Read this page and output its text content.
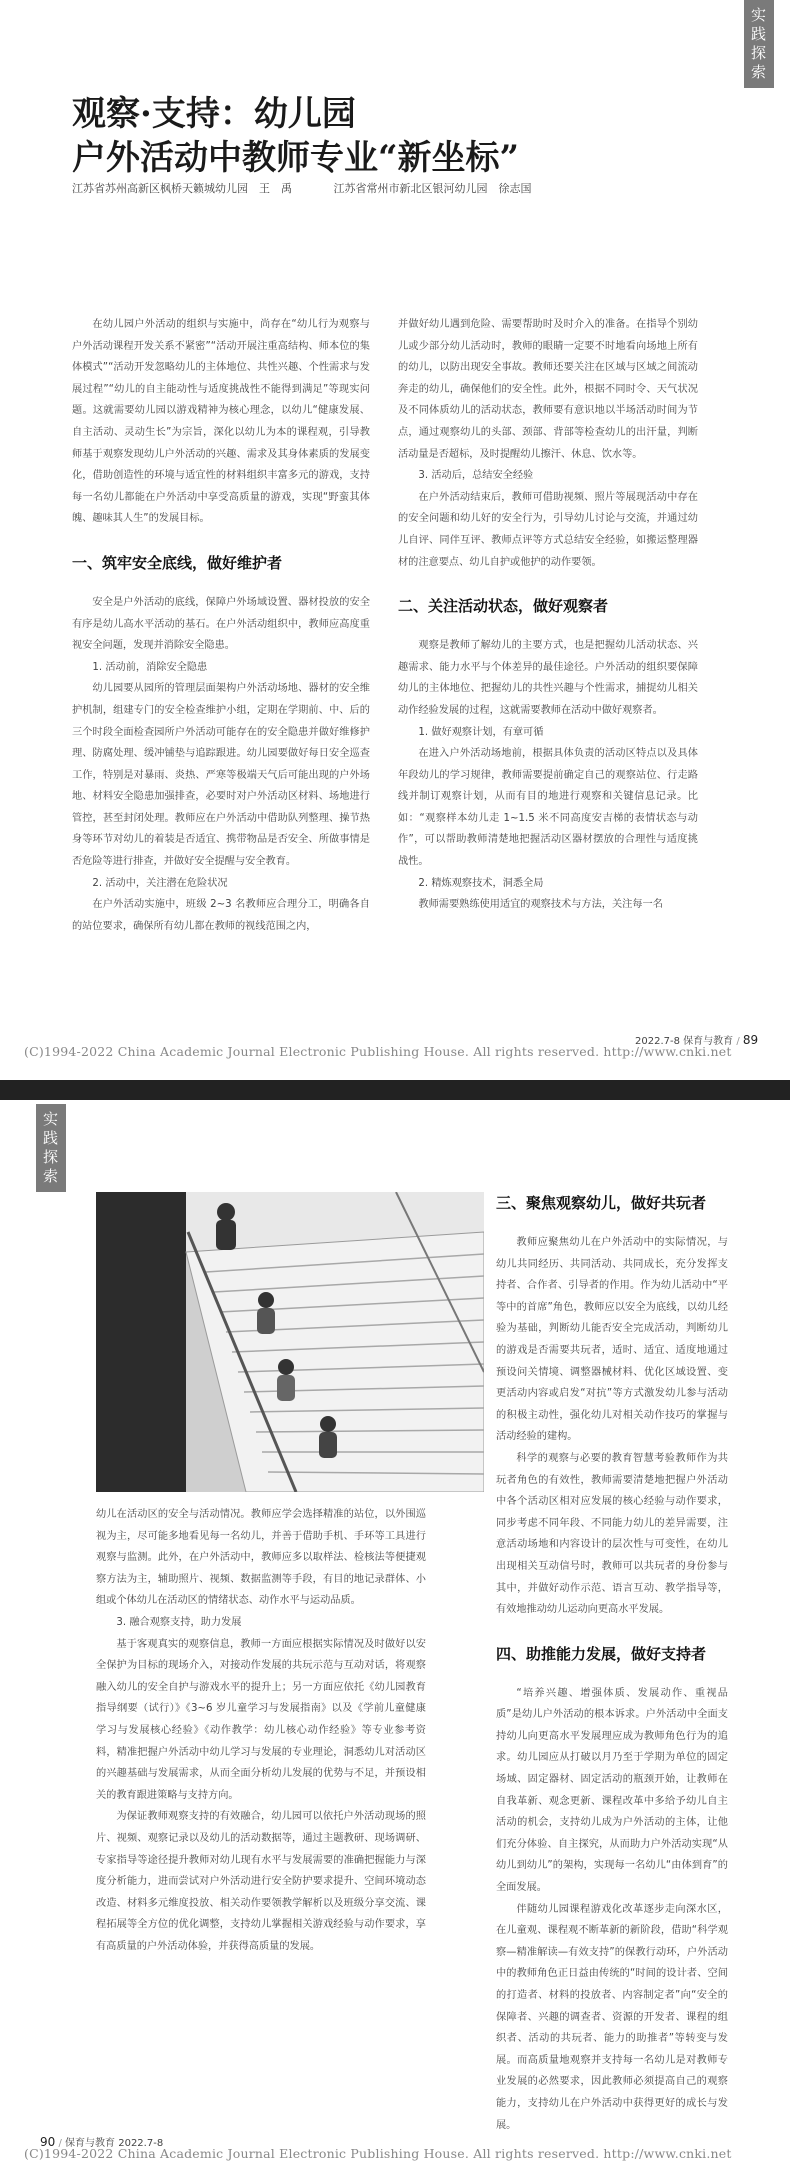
实践探索
观察·支持：幼儿园
户外活动中教师专业“新坐标”
江苏省苏州高新区枫桥天籁城幼儿园　王　禹	江苏省常州市新北区银河幼儿园　徐志国

在幼儿园户外活动的组织与实施中，尚存在“幼儿行为观察与户外活动课程开发关系不紧密”“活动开展注重高结构、师本位的集体模式”“活动开发忽略幼儿的主体地位、共性兴趣、个性需求与发展过程”“幼儿的自主能动性与适度挑战性不能得到满足”等现实问题。这就需要幼儿园以游戏精神为核心理念，以幼儿“健康发展、自主活动、灵动生长”为宗旨，深化以幼儿为本的课程观，引导教师基于观察发现幼儿户外活动的兴趣、需求及其身体素质的发展变化，借助创造性的环境与适宜性的材料组织丰富多元的游戏，支持每一名幼儿都能在户外活动中享受高质量的游戏，实现“野蛮其体魄、趣味其人生”的发展目标。

一、筑牢安全底线，做好维护者

安全是户外活动的底线，保障户外场域设置、器材投放的安全有序是幼儿高水平活动的基石。在户外活动组织中，教师应高度重视安全问题，发现并消除安全隐患。

1. 活动前，消除安全隐患

幼儿园要从园所的管理层面架构户外活动场地、器材的安全维护机制，组建专门的安全检查维护小组，定期在学期前、中、后的三个时段全面检查园所户外活动可能存在的安全隐患并做好维修护理、防腐处理、缓冲铺垫与追踪跟进。幼儿园要做好每日安全巡查工作，特别是对暴雨、炎热、严寒等极端天气后可能出现的户外场地、材料安全隐患加强排查，必要时对户外活动区材料、场地进行管控，甚至封闭处理。教师应在户外活动中借助队列整理、操节热身等环节对幼儿的着装是否适宜、携带物品是否安全、所做事情是否危险等进行排查，并做好安全提醒与安全教育。

2. 活动中，关注潜在危险状况

在户外活动实施中，班级 2~3 名教师应合理分工，明确各自的站位要求，确保所有幼儿都在教师的视线范围之内，

并做好幼儿遇到危险、需要帮助时及时介入的准备。在指导个别幼儿或少部分幼儿活动时，教师的眼睛一定要不时地看向场地上所有的幼儿，以防出现安全事故。教师还要关注在区域与区域之间流动奔走的幼儿，确保他们的安全性。此外，根据不同时令、天气状况及不同体质幼儿的活动状态，教师要有意识地以半场活动时间为节点，通过观察幼儿的头部、颈部、背部等检查幼儿的出汗量，判断活动量是否超标，及时提醒幼儿擦汗、休息、饮水等。

3. 活动后，总结安全经验

在户外活动结束后，教师可借助视频、照片等展现活动中存在的安全问题和幼儿好的安全行为，引导幼儿讨论与交流，并通过幼儿自评、同伴互评、教师点评等方式总结安全经验，如搬运整理器材的注意要点、幼儿自护或他护的动作要领。

二、关注活动状态，做好观察者

观察是教师了解幼儿的主要方式，也是把握幼儿活动状态、兴趣需求、能力水平与个体差异的最佳途径。户外活动的组织要保障幼儿的主体地位、把握幼儿的共性兴趣与个性需求，捕捉幼儿相关动作经验发展的过程，这就需要教师在活动中做好观察者。

1. 做好观察计划，有章可循

在进入户外活动场地前，根据具体负责的活动区特点以及具体年段幼儿的学习规律，教师需要提前确定自己的观察站位、行走路线并制订观察计划，从而有目的地进行观察和关键信息记录。比如：“观察样本幼儿走 1~1.5 米不同高度安吉梯的表情状态与动作”，可以帮助教师清楚地把握活动区器材摆放的合理性与适度挑战性。

2. 精炼观察技术，洞悉全局

教师需要熟练使用适宜的观察技术与方法，关注每一名

2022.7-8 保育与教育 / 89
(C)1994-2022 China Academic Journal Electronic Publishing House. All rights reserved. http://www.cnki.net
实践探索
三、聚焦观察幼儿，做好共玩者

教师应聚焦幼儿在户外活动中的实际情况，与幼儿共同经历、共同活动、共同成长，充分发挥支持者、合作者、引导者的作用。作为幼儿活动中“平等中的首席”角色，教师应以安全为底线，以幼儿经验为基础，判断幼儿能否安全完成活动，判断幼儿的游戏是否需要共玩者，适时、适宜、适度地通过预设问关情境、调整器械材料、优化区域设置、变更活动内容或启发“对抗”等方式激发幼儿参与活动的积极主动性，强化幼儿对相关动作技巧的掌握与活动经验的建构。

科学的观察与必要的教育智慧考验教师作为共玩者角色的有效性，教师需要清楚地把握户外活动中各个活动区相对应发展的核心经验与动作要求，同步考虑不同年段、不同能力幼儿的差异需要，注意活动场地和内容设计的层次性与可变性，在幼儿出现相关互动信号时，教师可以共玩者的身份参与其中，并做好动作示范、语言互动、教学指导等，有效地推动幼儿运动向更高水平发展。

四、助推能力发展，做好支持者

“培养兴趣、增强体质、发展动作、重视品质”是幼儿户外活动的根本诉求。户外活动中全面支持幼儿向更高水平发展理应成为教师角色行为的追求。幼儿园应从打破以月乃至于学期为单位的固定场域、固定器材、固定活动的瓶颈开始，让教师在自我革新、观念更新、课程改革中多给予幼儿自主活动的机会，支持幼儿成为户外活动的主体，让他们充分体验、自主探究，从而助力户外活动实现“从幼儿到幼儿”的架构，实现每一名幼儿“由体到育”的全面发展。

伴随幼儿园课程游戏化改革逐步走向深水区，在儿童观、课程观不断革新的新阶段，借助“科学观察—精准解读—有效支持”的保教行动环，户外活动中的教师角色正日益由传统的“时间的设计者、空间的打造者、材料的投放者、内容制定者”向“安全的保障者、兴趣的调查者、资源的开发者、课程的组织者、活动的共玩者、能力的助推者”等转变与发展。而高质量地观察并支持每一名幼儿是对教师专业发展的必然要求，因此教师必须提高自己的观察能力，支持幼儿在户外活动中获得更好的成长与发展。

幼儿在活动区的安全与活动情况。教师应学会选择精准的站位，以外围巡视为主，尽可能多地看见每一名幼儿，并善于借助手机、手环等工具进行观察与监测。此外，在户外活动中，教师应多以取样法、检核法等便捷观察方法为主，辅助照片、视频、数据监测等手段，有目的地记录群体、小组或个体幼儿在活动区的情绪状态、动作水平与运动品质。

3. 融合观察支持，助力发展

基于客观真实的观察信息，教师一方面应根据实际情况及时做好以安全保护为目标的现场介入，对接动作发展的共玩示范与互动对话，将观察融入幼儿的安全自护与游戏水平的提升上；另一方面应依托《幼儿园教育指导纲要（试行）》《3~6 岁儿童学习与发展指南》以及《学前儿童健康学习与发展核心经验》《动作教学：幼儿核心动作经验》等专业参考资料，精准把握户外活动中幼儿学习与发展的专业理论，洞悉幼儿对活动区的兴趣基础与发展需求，从而全面分析幼儿发展的优势与不足，并预设相关的教育跟进策略与支持方向。

为保证教师观察支持的有效融合，幼儿园可以依托户外活动现场的照片、视频、观察记录以及幼儿的活动数据等，通过主题教研、现场调研、专家指导等途径提升教师对幼儿现有水平与发展需要的准确把握能力与深度分析能力，进而尝试对户外活动进行安全防护要求提升、空间环境动态改造、材料多元维度投放、相关动作要领教学解析以及班级分享交流、课程拓展等全方位的优化调整，支持幼儿掌握相关游戏经验与动作要求，享有高质量的户外活动体验，并获得高质量的发展。

90 / 保育与教育 2022.7-8
(C)1994-2022 China Academic Journal Electronic Publishing House. All rights reserved. http://www.cnki.net
